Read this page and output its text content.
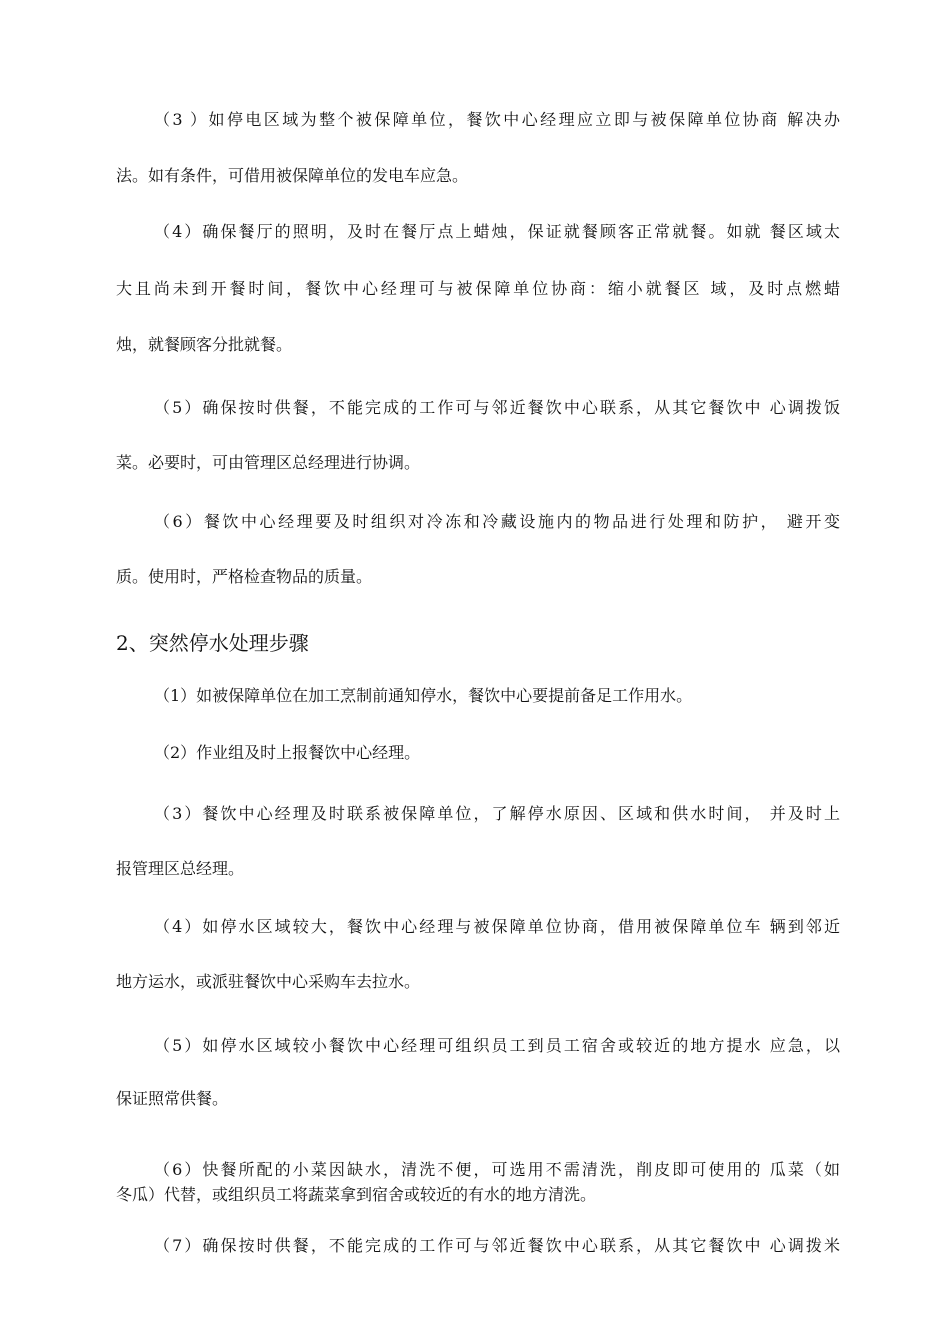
（3 ）如停电区域为整个被保障单位，餐饮中心经理应立即与被保障单位协商 解决办
法。如有条件，可借用被保障单位的发电车应急。
（4）确保餐厅的照明，及时在餐厅点上蜡烛，保证就餐顾客正常就餐。如就 餐区域太
大且尚未到开餐时间，餐饮中心经理可与被保障单位协商：缩小就餐区 域，及时点燃蜡
烛，就餐顾客分批就餐。
（5）确保按时供餐，不能完成的工作可与邻近餐饮中心联系，从其它餐饮中 心调拨饭
菜。必要时，可由管理区总经理进行协调。
（6）餐饮中心经理要及时组织对冷冻和冷藏设施内的物品进行处理和防护， 避开变
质。使用时，严格检查物品的质量。
2、突然停水处理步骤
（1）如被保障单位在加工烹制前通知停水，餐饮中心要提前备足工作用水。
（2）作业组及时上报餐饮中心经理。
（3）餐饮中心经理及时联系被保障单位，了解停水原因、区域和供水时间， 并及时上
报管理区总经理。
（4）如停水区域较大，餐饮中心经理与被保障单位协商，借用被保障单位车 辆到邻近
地方运水，或派驻餐饮中心采购车去拉水。
（5）如停水区域较小餐饮中心经理可组织员工到员工宿舍或较近的地方提水 应急，以
保证照常供餐。
（6）快餐所配的小菜因缺水，清洗不便，可选用不需清洗，削皮即可使用的 瓜菜（如
冬瓜）代替，或组织员工将蔬菜拿到宿舍或较近的有水的地方清洗。
（7）确保按时供餐，不能完成的工作可与邻近餐饮中心联系，从其它餐饮中 心调拨米
